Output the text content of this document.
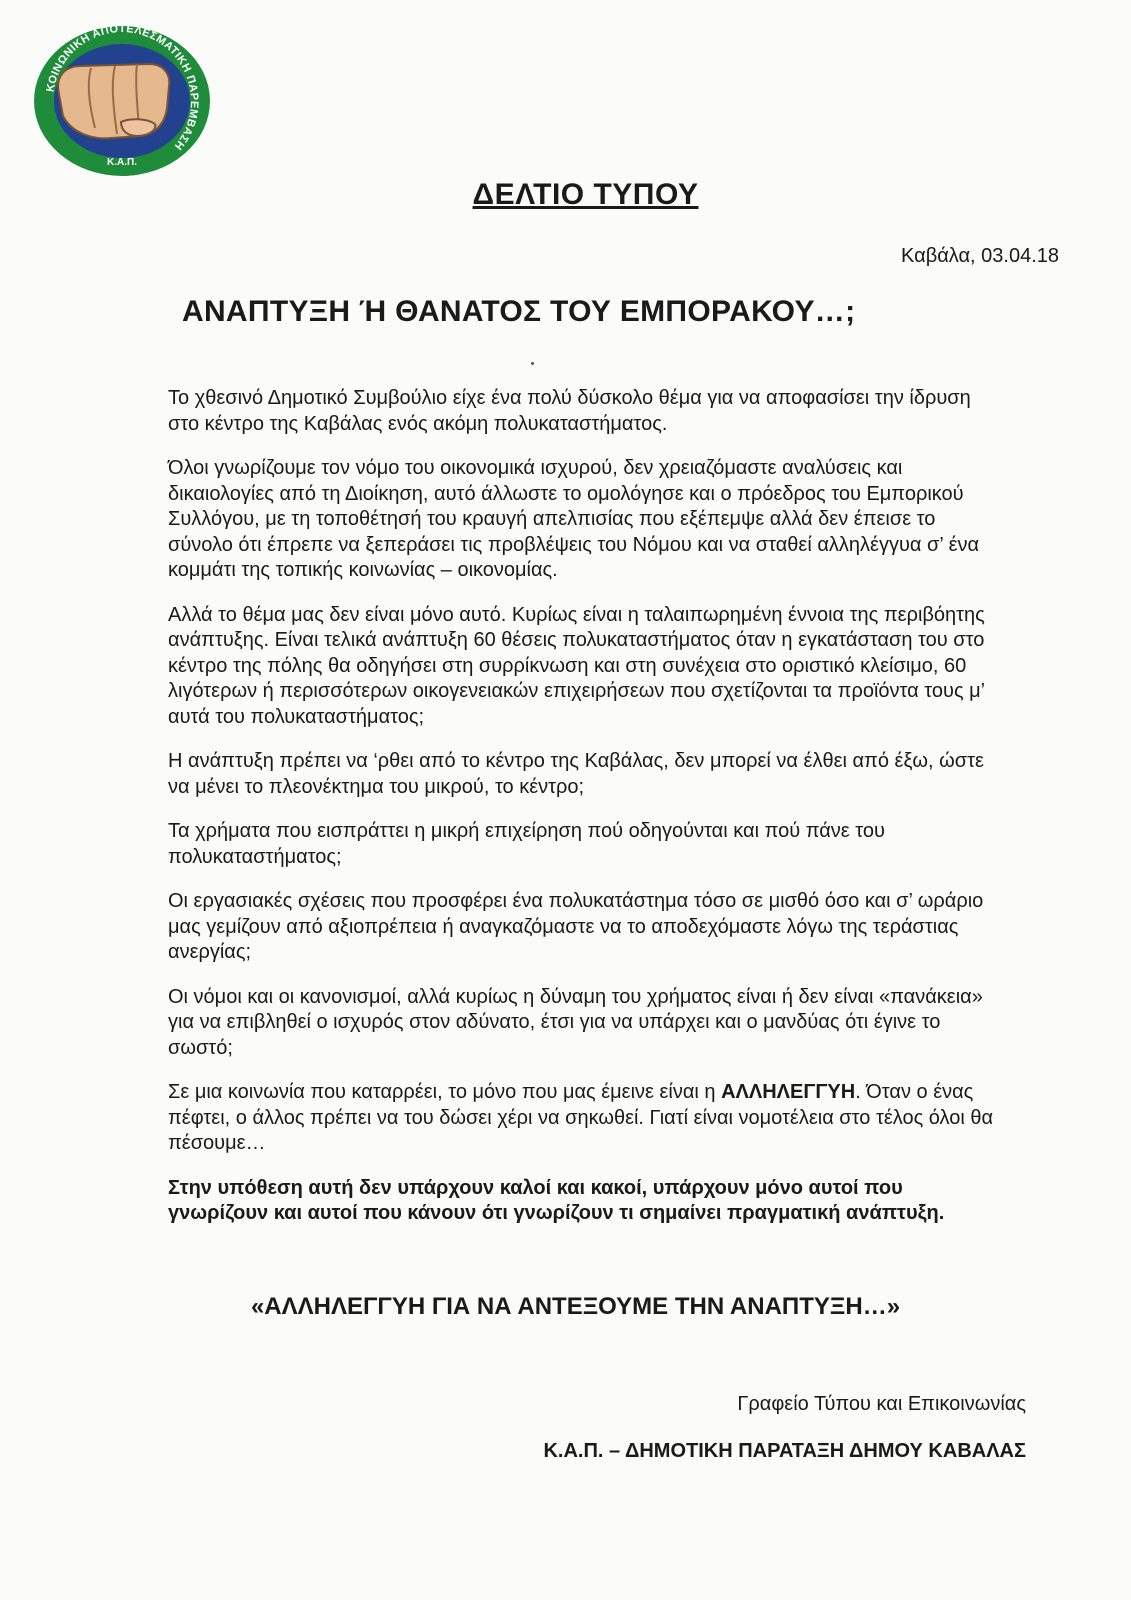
ΚΟΙΝΩΝΙΚΗ ΑΠΟΤΕΛΕΣΜΑΤΙΚΗ ΠΑΡΕΜΒΑΣΗ
Κ.Α.Π.
ΔΕΛΤΙΟ ΤΥΠΟΥ
Καβάλα, 03.04.18
ΑΝΑΠΤΥΞΗ Ή ΘΑΝΑΤΟΣ ΤΟΥ ΕΜΠΟΡΑΚΟΥ…;

Το χθεσινό Δημοτικό Συμβούλιο είχε ένα πολύ δύσκολο θέμα για να αποφασίσει την ίδρυση στο κέντρο της Καβάλας ενός ακόμη πολυκαταστήματος.

Όλοι γνωρίζουμε τον νόμο του οικονομικά ισχυρού, δεν χρειαζόμαστε αναλύσεις και δικαιολογίες από τη Διοίκηση, αυτό άλλωστε το ομολόγησε και ο πρόεδρος του Εμπορικού Συλλόγου, με τη τοποθέτησή του κραυγή απελπισίας που εξέπεμψε αλλά δεν έπεισε το σύνολο ότι έπρεπε να ξεπεράσει τις προβλέψεις του Νόμου και να σταθεί αλληλέγγυα σ’ ένα κομμάτι της τοπικής κοινωνίας – οικονομίας.

Αλλά το θέμα μας δεν είναι μόνο αυτό. Κυρίως είναι η ταλαιπωρημένη έννοια της περιβόητης ανάπτυξης. Είναι τελικά ανάπτυξη 60 θέσεις πολυκαταστήματος όταν η εγκατάσταση του στο κέντρο της πόλης θα οδηγήσει στη συρρίκνωση και στη συνέχεια στο οριστικό κλείσιμο, 60 λιγότερων ή περισσότερων οικογενειακών επιχειρήσεων που σχετίζονται τα προϊόντα τους μ’ αυτά του πολυκαταστήματος;

Η ανάπτυξη πρέπει να ‘ρθει από το κέντρο της Καβάλας, δεν μπορεί να έλθει από έξω, ώστε να μένει το πλεονέκτημα του μικρού, το κέντρο;

Τα χρήματα που εισπράττει η μικρή επιχείρηση πού οδηγούνται και πού πάνε του πολυκαταστήματος;

Οι εργασιακές σχέσεις που προσφέρει ένα πολυκατάστημα τόσο σε μισθό όσο και σ’ ωράριο μας γεμίζουν από αξιοπρέπεια ή αναγκαζόμαστε να το αποδεχόμαστε λόγω της τεράστιας ανεργίας;

Οι νόμοι και οι κανονισμοί, αλλά κυρίως η δύναμη του χρήματος είναι ή δεν είναι «πανάκεια» για να επιβληθεί ο ισχυρός στον αδύνατο, έτσι για να υπάρχει και ο μανδύας ότι έγινε το σωστό;

Σε μια κοινωνία που καταρρέει, το μόνο που μας έμεινε είναι η ΑΛΛΗΛΕΓΓΥΗ. Όταν ο ένας πέφτει, ο άλλος πρέπει να του δώσει χέρι να σηκωθεί. Γιατί είναι νομοτέλεια στο τέλος όλοι θα πέσουμε…

Στην υπόθεση αυτή δεν υπάρχουν καλοί και κακοί, υπάρχουν μόνο αυτοί που γνωρίζουν και αυτοί που κάνουν ότι γνωρίζουν τι σημαίνει πραγματική ανάπτυξη.

«ΑΛΛΗΛΕΓΓΥΗ ΓΙΑ ΝΑ ΑΝΤΕΞΟΥΜΕ ΤΗΝ ΑΝΑΠΤΥΞΗ…»
Γραφείο Τύπου και Επικοινωνίας
Κ.Α.Π. – ΔΗΜΟΤΙΚΗ ΠΑΡΑΤΑΞΗ ΔΗΜΟΥ ΚΑΒΑΛΑΣ
